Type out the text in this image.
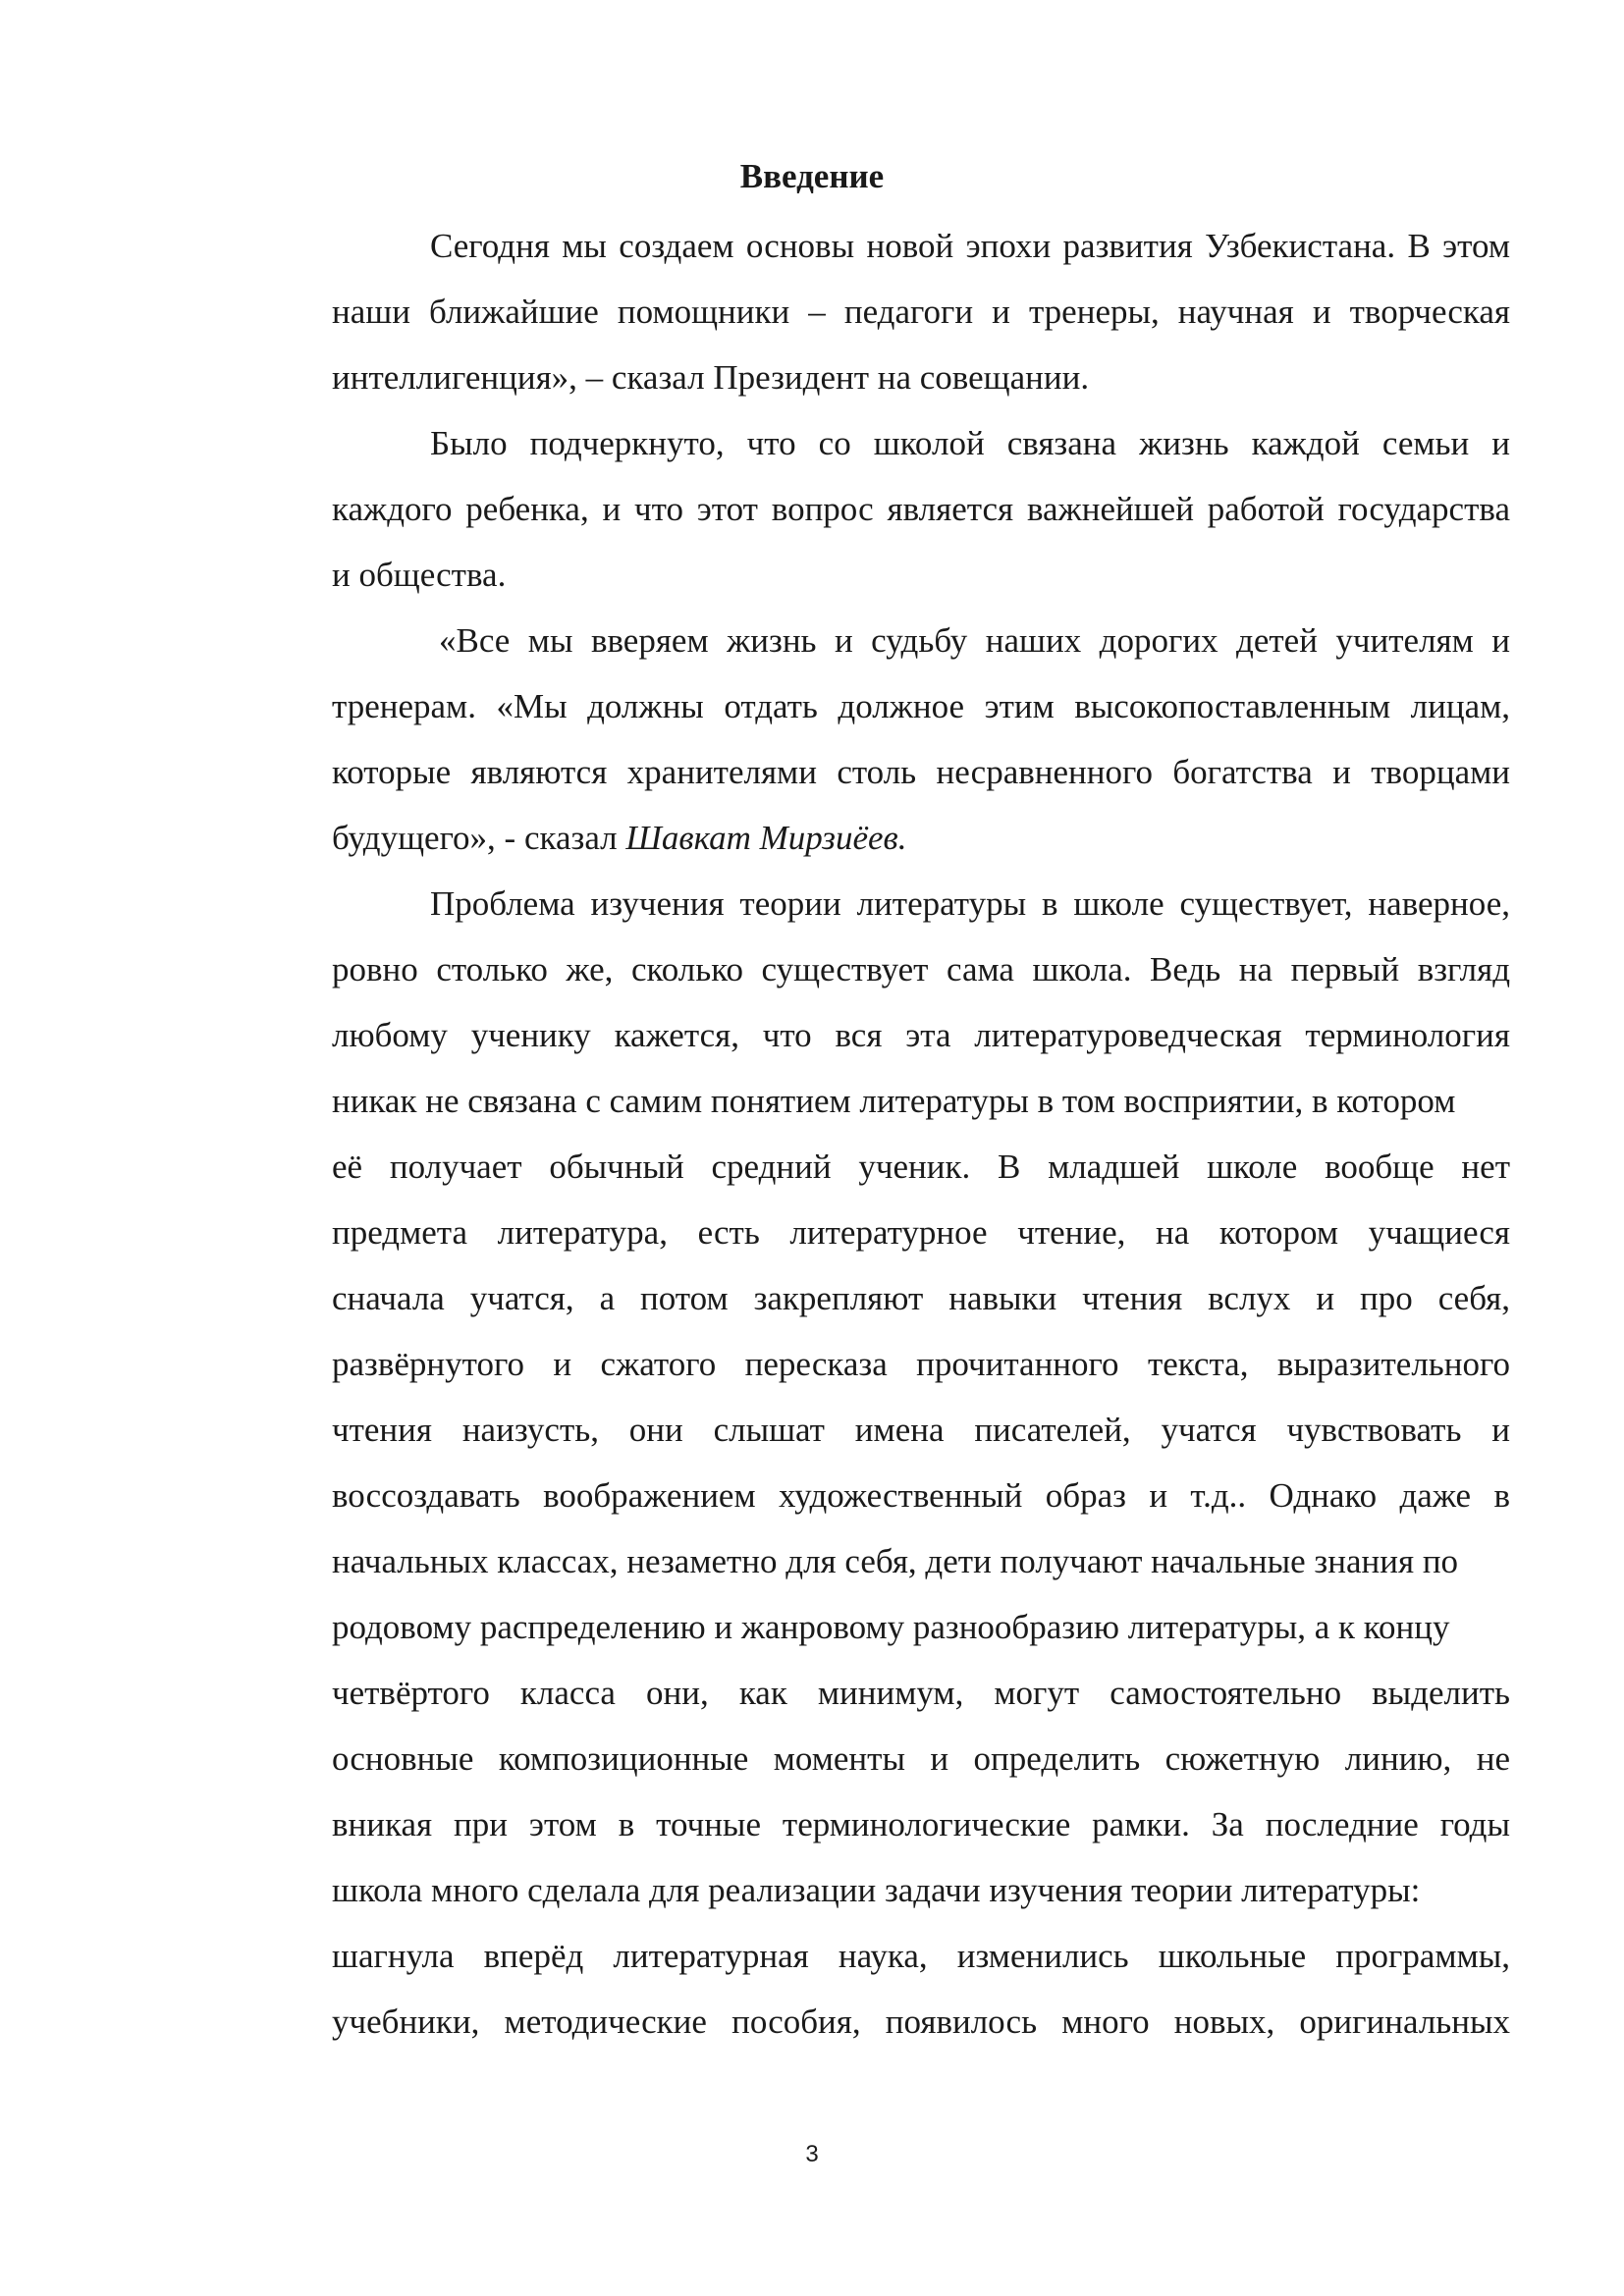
Введение
Сегодня мы создаем основы новой эпохи развития Узбекистана. В этом
наши ближайшие помощники – педагоги и тренеры, научная и творческая
интеллигенция», – сказал Президент на совещании.
Было подчеркнуто, что со школой связана жизнь каждой семьи и
каждого ребенка, и что этот вопрос является важнейшей работой государства
и общества.
«Все мы вверяем жизнь и судьбу наших дорогих детей учителям и
тренерам. «Мы должны отдать должное этим высокопоставленным лицам,
которые являются хранителями столь несравненного богатства и творцами
будущего», - сказал Шавкат Мирзиёев.
Проблема изучения теории литературы в школе существует, наверное,
ровно столько же, сколько существует сама школа. Ведь на первый взгляд
любому ученику кажется, что вся эта литературоведческая терминология
никак не связана с самим понятием литературы в том восприятии, в котором
её получает обычный средний ученик. В младшей школе вообще нет
предмета литература, есть литературное чтение, на котором учащиеся
сначала учатся, а потом закрепляют навыки чтения вслух и про себя,
развёрнутого и сжатого пересказа прочитанного текста, выразительного
чтения наизусть, они слышат имена писателей, учатся чувствовать и
воссоздавать воображением художественный образ и т.д.. Однако даже в
начальных классах, незаметно для себя, дети получают начальные знания по
родовому распределению и жанровому разнообразию литературы, а к концу
четвёртого класса они, как минимум, могут самостоятельно выделить
основные композиционные моменты и определить сюжетную линию, не
вникая при этом в точные терминологические рамки. За последние годы
школа много сделала для реализации задачи изучения теории литературы:
шагнула вперёд литературная наука, изменились школьные программы,
учебники, методические пособия, появилось много новых, оригинальных
3
